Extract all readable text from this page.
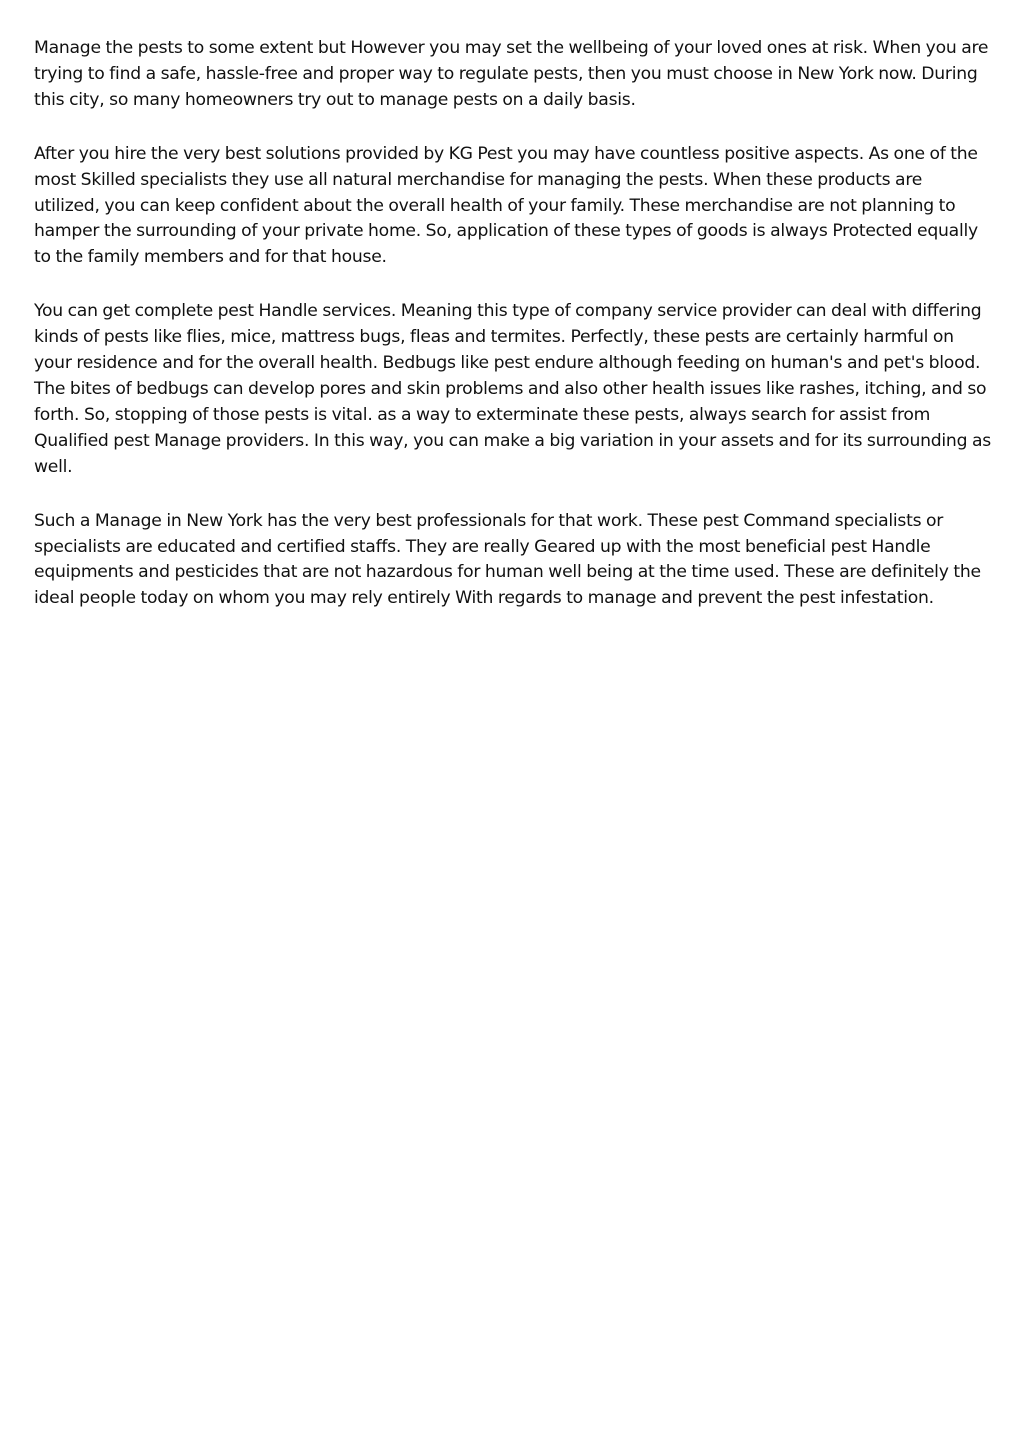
Manage the pests to some extent but However you may set the wellbeing of your loved ones at risk. When you are trying to find a safe, hassle-free and proper way to regulate pests, then you must choose in New York now. During this city, so many homeowners try out to manage pests on a daily basis.

After you hire the very best solutions provided by KG Pest you may have countless positive aspects. As one of the most Skilled specialists they use all natural merchandise for managing the pests. When these products are utilized, you can keep confident about the overall health of your family. These merchandise are not planning to hamper the surrounding of your private home. So, application of these types of goods is always Protected equally to the family members and for that house.

You can get complete pest Handle services. Meaning this type of company service provider can deal with differing kinds of pests like flies, mice, mattress bugs, fleas and termites. Perfectly, these pests are certainly harmful on your residence and for the overall health. Bedbugs like pest endure although feeding on human's and pet's blood. The bites of bedbugs can develop pores and skin problems and also other health issues like rashes, itching, and so forth. So, stopping of those pests is vital. as a way to exterminate these pests, always search for assist from Qualified pest Manage providers. In this way, you can make a big variation in your assets and for its surrounding as well.

Such a Manage in New York has the very best professionals for that work. These pest Command specialists or specialists are educated and certified staffs. They are really Geared up with the most beneficial pest Handle equipments and pesticides that are not hazardous for human well being at the time used. These are definitely the ideal people today on whom you may rely entirely With regards to manage and prevent the pest infestation.
